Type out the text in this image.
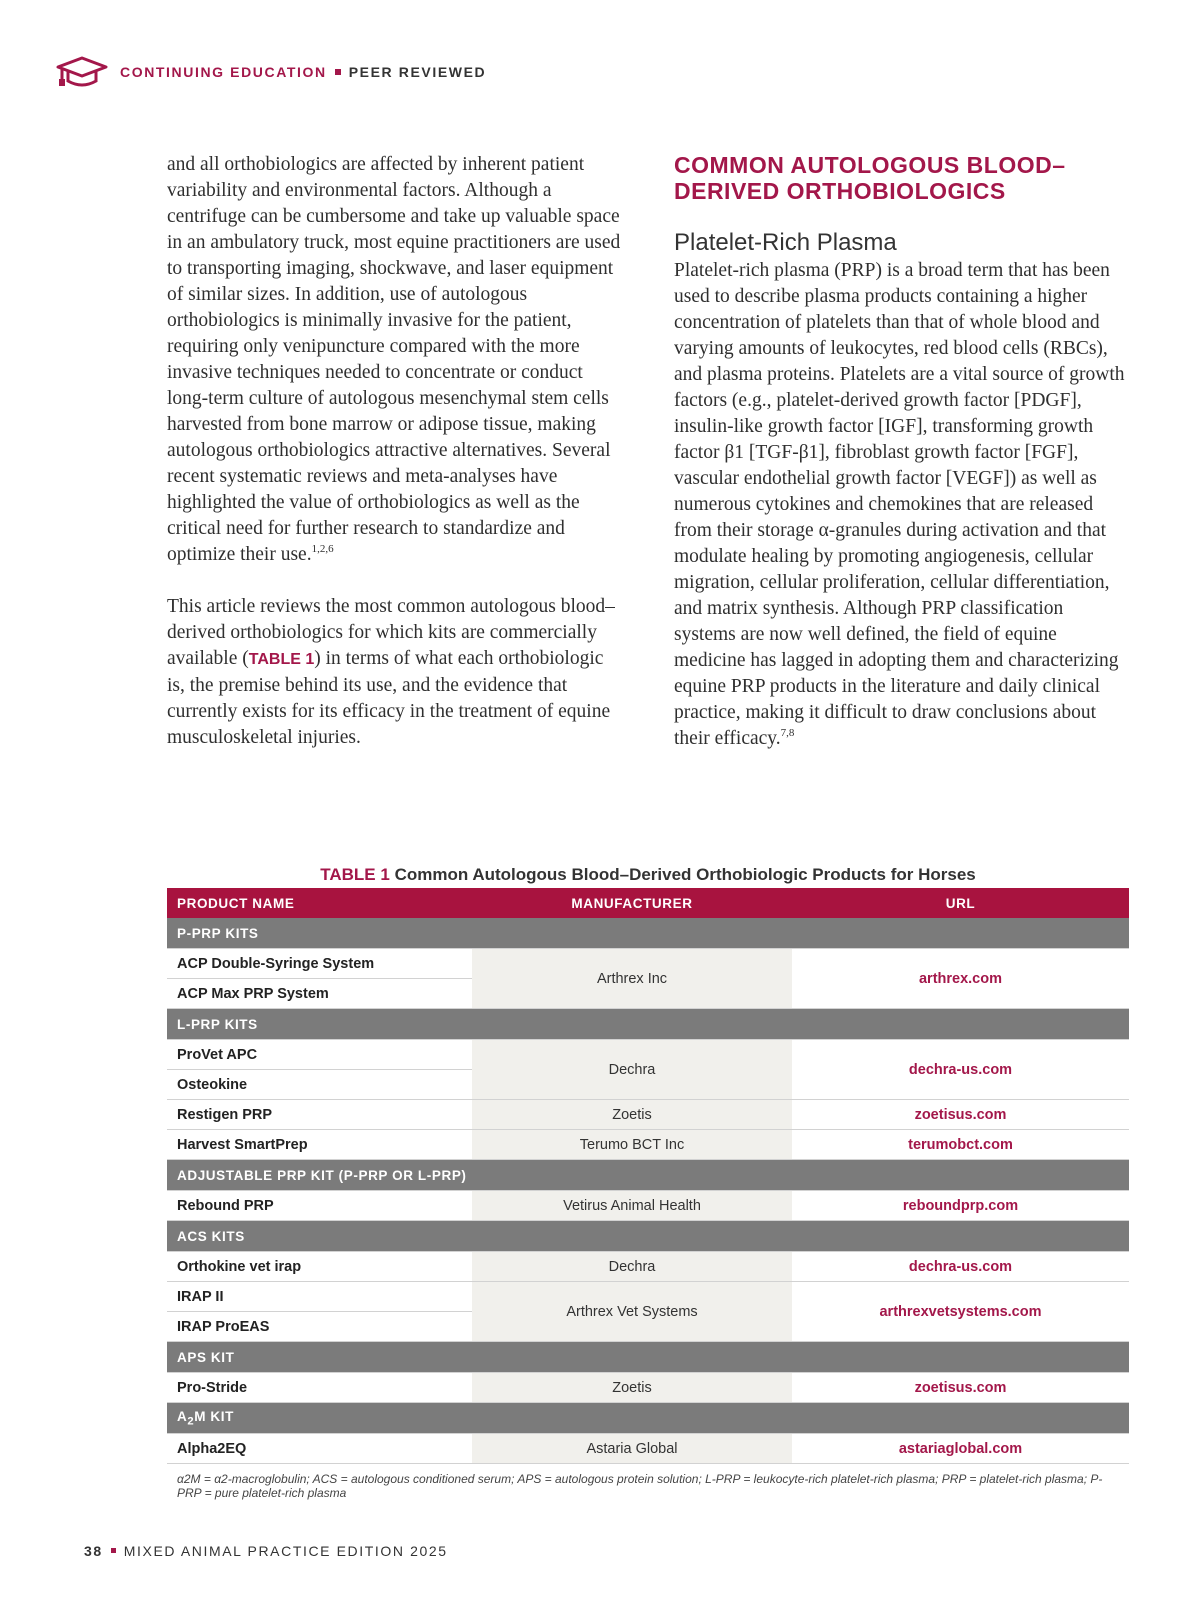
CONTINUING EDUCATION PEER REVIEWED

and all orthobiologics are affected by inherent patient variability and environmental factors. Although a centrifuge can be cumbersome and take up valuable space in an ambulatory truck, most equine practitioners are used to transporting imaging, shockwave, and laser equipment of similar sizes. In addition, use of autologous orthobiologics is minimally invasive for the patient, requiring only venipuncture compared with the more invasive techniques needed to concentrate or conduct long-term culture of autologous mesenchymal stem cells harvested from bone marrow or adipose tissue, making autologous orthobiologics attractive alternatives. Several recent systematic reviews and meta-analyses have highlighted the value of orthobiologics as well as the critical need for further research to standardize and optimize their use.$^{1,2,6}$

This article reviews the most common autologous blood–derived orthobiologics for which kits are commercially available (TABLE 1) in terms of what each orthobiologic is, the premise behind its use, and the evidence that currently exists for its efficacy in the treatment of equine musculoskeletal injuries.

COMMON AUTOLOGOUS BLOOD–DERIVED ORTHOBIOLOGICS
Platelet-Rich Plasma

Platelet-rich plasma (PRP) is a broad term that has been used to describe plasma products containing a higher concentration of platelets than that of whole blood and varying amounts of leukocytes, red blood cells (RBCs), and plasma proteins. Platelets are a vital source of growth factors (e.g., platelet-derived growth factor [PDGF], insulin-like growth factor [IGF], transforming growth factor β1 [TGF-β1], fibroblast growth factor [FGF], vascular endothelial growth factor [VEGF]) as well as numerous cytokines and chemokines that are released from their storage α-granules during activation and that modulate healing by promoting angiogenesis, cellular migration, cellular proliferation, cellular differentiation, and matrix synthesis. Although PRP classification systems are now well defined, the field of equine medicine has lagged in adopting them and characterizing equine PRP products in the literature and daily clinical practice, making it difficult to draw conclusions about their efficacy.$^{7,8}$

TABLE 1 Common Autologous Blood–Derived Orthobiologic Products for Horses
PRODUCT NAME	MANUFACTURER	URL
P-PRP KITS		
ACP Double-Syringe System	Arthrex Inc	arthrex.com
ACP Max PRP System		
L-PRP KITS		
ProVet APC	Dechra	dechra-us.com
Osteokine		
Restigen PRP	Zoetis	zoetisus.com
Harvest SmartPrep	Terumo BCT Inc	terumobct.com
ADJUSTABLE PRP KIT (P-PRP OR L-PRP)		
Rebound PRP	Vetirus Animal Health	reboundprp.com
ACS KITS		
Orthokine vet irap	Dechra	dechra-us.com
IRAP II	Arthrex Vet Systems	arthrexvetsystems.com
IRAP ProEAS		
APS KIT		
Pro-Stride	Zoetis	zoetisus.com
$A_2M$ KIT		
Alpha2EQ	Astaria Global	astariaglobal.com
α2M = α2-macroglobulin; ACS = autologous conditioned serum; APS = autologous protein solution; L-PRP = leukocyte-rich platelet-rich plasma; PRP = platelet-rich plasma; P-PRP = pure platelet-rich plasma
38 MIXED ANIMAL PRACTICE EDITION 2025
